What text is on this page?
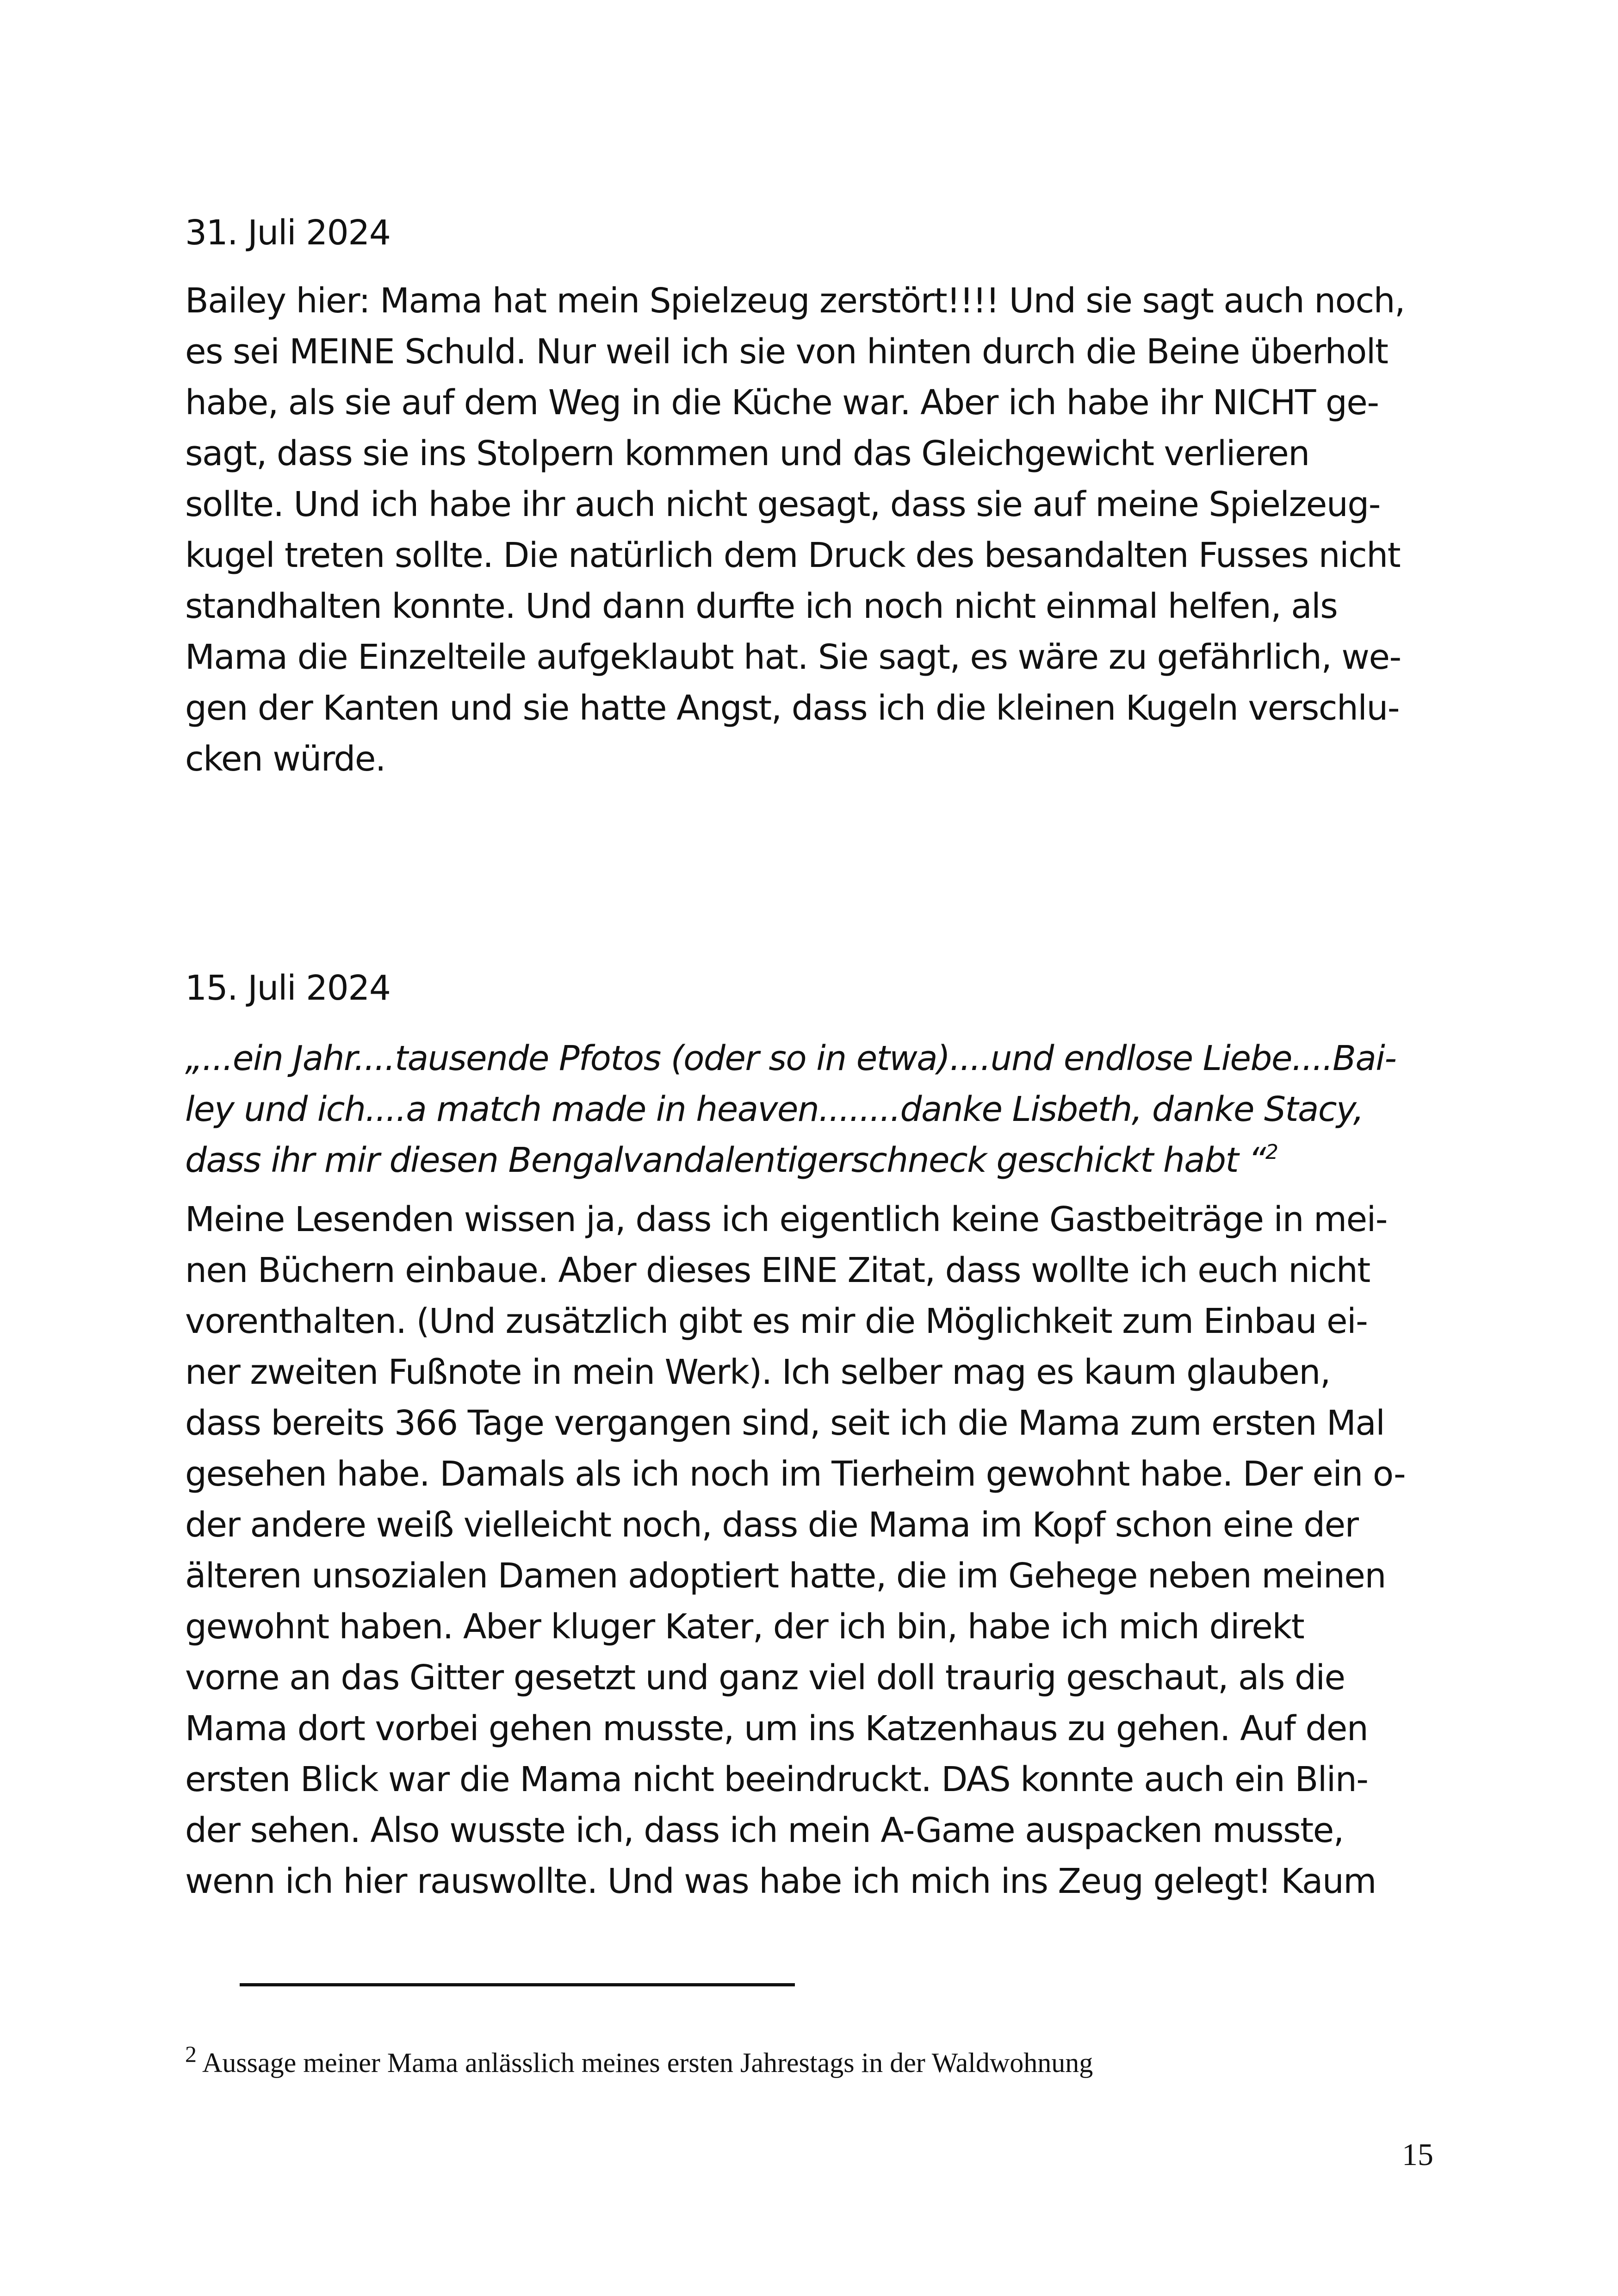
31. Juli 2024
Bailey hier: Mama hat mein Spielzeug zerstört!!!! Und sie sagt auch noch,
es sei MEINE Schuld. Nur weil ich sie von hinten durch die Beine überholt
habe, als sie auf dem Weg in die Küche war. Aber ich habe ihr NICHT ge-
sagt, dass sie ins Stolpern kommen und das Gleichgewicht verlieren
sollte. Und ich habe ihr auch nicht gesagt, dass sie auf meine Spielzeug-
kugel treten sollte. Die natürlich dem Druck des besandalten Fusses nicht
standhalten konnte. Und dann durfte ich noch nicht einmal helfen, als
Mama die Einzelteile aufgeklaubt hat. Sie sagt, es wäre zu gefährlich, we-
gen der Kanten und sie hatte Angst, dass ich die kleinen Kugeln verschlu-
cken würde.
15. Juli 2024
„...ein Jahr....tausende Pfotos (oder so in etwa)....und endlose Liebe....Bai-
ley und ich....a match made in heaven........danke Lisbeth, danke Stacy,
dass ihr mir diesen Bengalvandalentigerschneck geschickt habt “$^2$
Meine Lesenden wissen ja, dass ich eigentlich keine Gastbeiträge in mei-
nen Büchern einbaue. Aber dieses EINE Zitat, dass wollte ich euch nicht
vorenthalten. (Und zusätzlich gibt es mir die Möglichkeit zum Einbau ei-
ner zweiten Fußnote in mein Werk). Ich selber mag es kaum glauben,
dass bereits 366 Tage vergangen sind, seit ich die Mama zum ersten Mal
gesehen habe. Damals als ich noch im Tierheim gewohnt habe. Der ein o-
der andere weiß vielleicht noch, dass die Mama im Kopf schon eine der
älteren unsozialen Damen adoptiert hatte, die im Gehege neben meinen
gewohnt haben. Aber kluger Kater, der ich bin, habe ich mich direkt
vorne an das Gitter gesetzt und ganz viel doll traurig geschaut, als die
Mama dort vorbei gehen musste, um ins Katzenhaus zu gehen. Auf den
ersten Blick war die Mama nicht beeindruckt. DAS konnte auch ein Blin-
der sehen. Also wusste ich, dass ich mein A-Game auspacken musste,
wenn ich hier rauswollte. Und was habe ich mich ins Zeug gelegt! Kaum
$^2$ Aussage meiner Mama anlässlich meines ersten Jahrestags in der Waldwohnung
15
